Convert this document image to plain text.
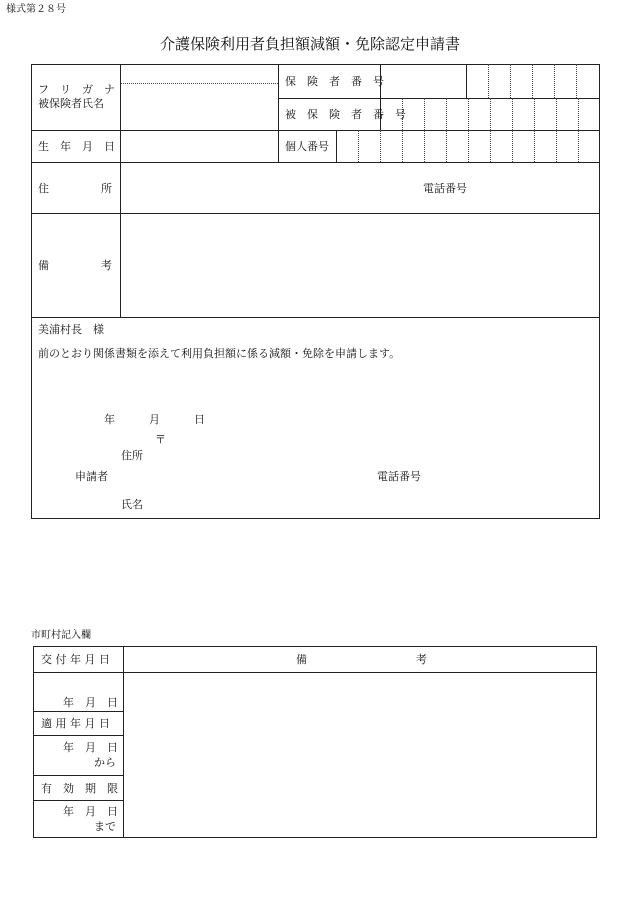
様式第２８号
介護保険利用者負担額減額・免除認定申請書
フ　リ　ガ　ナ
被保険者氏名
保　険　者　番　号
被　保　険　者　番　号
生　年　月　日	個人番号
住	所	電話番号
備	考
美浦村長　様
前のとおり関係書類を添えて利用負担額に係る減額・免除を申請します。
年	月	日
〒
住所
申請者	電話番号
氏名
市町村記入欄
交 付 年 月 日	備	考
年　月　日
適 用 年 月 日
年　月　日
から
有　効　期　限
年　月　日
まで
